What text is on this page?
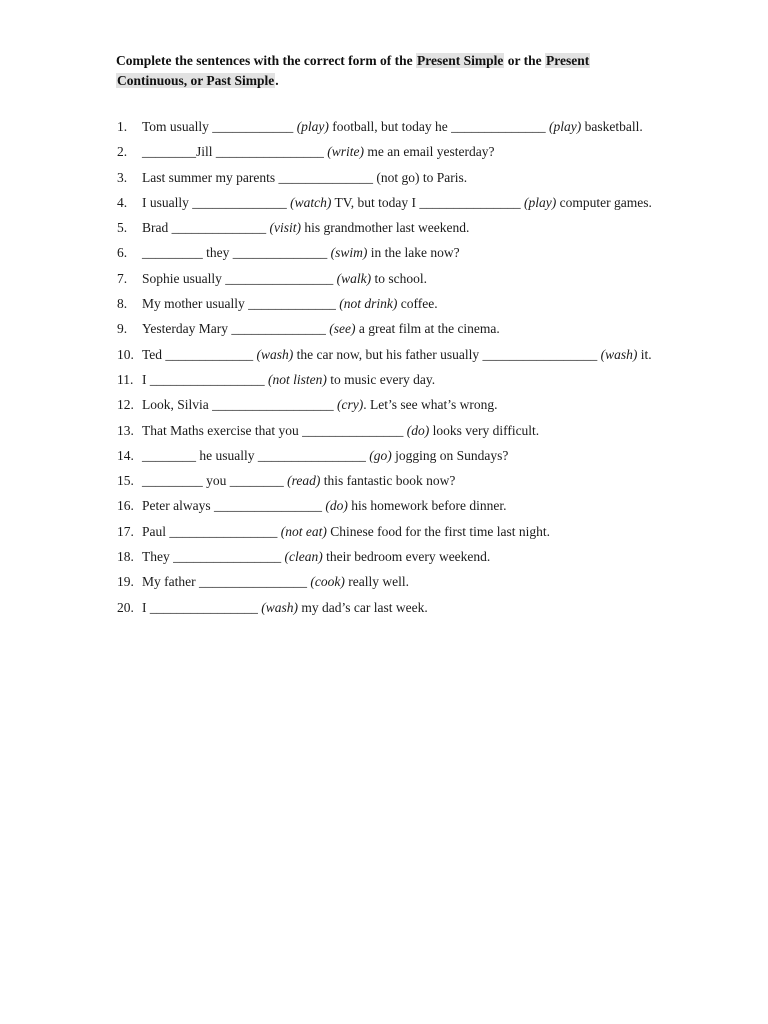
Complete the sentences with the correct form of the Present Simple or the Present
Continuous, or Past Simple.
1. Tom usually ____________ (play) football, but today he ______________ (play) basketball.
2. ________Jill ________________ (write) me an email yesterday?
3. Last summer my parents ______________ (not go) to Paris.
4. I usually ______________ (watch) TV, but today I _______________ (play) computer games.
5. Brad ______________ (visit) his grandmother last weekend.
6. _________ they ______________ (swim) in the lake now?
7. Sophie usually ________________ (walk) to school.
8. My mother usually _____________ (not drink) coffee.
9. Yesterday Mary ______________ (see) a great film at the cinema.
10. Ted _____________ (wash) the car now, but his father usually _________________ (wash) it.
11. I _________________ (not listen) to music every day.
12. Look, Silvia __________________ (cry). Let’s see what’s wrong.
13. That Maths exercise that you _______________ (do) looks very difficult.
14. ________ he usually ________________ (go) jogging on Sundays?
15. _________ you ________ (read) this fantastic book now?
16. Peter always ________________ (do) his homework before dinner.
17. Paul ________________ (not eat) Chinese food for the first time last night.
18. They ________________ (clean) their bedroom every weekend.
19. My father ________________ (cook) really well.
20. I ________________ (wash) my dad’s car last week.
